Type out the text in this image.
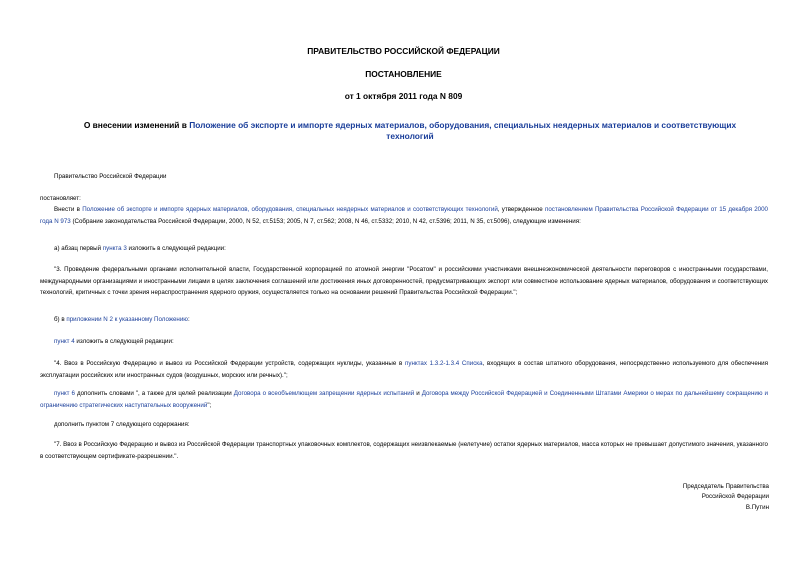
ПРАВИТЕЛЬСТВО РОССИЙСКОЙ ФЕДЕРАЦИИ
ПОСТАНОВЛЕНИЕ
от 1 октября 2011 года N 809
О внесении изменений в Положение об экспорте и импорте ядерных материалов, оборудования, специальных неядерных материалов и соответствующих технологий
Правительство Российской Федерации
постановляет:
Внести в Положение об экспорте и импорте ядерных материалов, оборудования, специальных неядерных материалов и соответствующих технологий, утвержденное постановлением Правительства Российской Федерации от 15 декабря 2000 года N 973 (Собрание законодательства Российской Федерации, 2000, N 52, ст.5153; 2005, N 7, ст.562; 2008, N 46, ст.5332; 2010, N 42, ст.5396; 2011, N 35, ст.5096), следующие изменения:
а) абзац первый пункта 3 изложить в следующей редакции:
"3. Проведение федеральными органами исполнительной власти, Государственной корпорацией по атомной энергии "Росатом" и российскими участниками внешнеэкономической деятельности переговоров с иностранными государствами, международными организациями и иностранными лицами в целях заключения соглашений или достижения иных договоренностей, предусматривающих экспорт или совместное использование ядерных материалов, оборудования и соответствующих технологий, критичных с точки зрения нераспространения ядерного оружия, осуществляется только на основании решений Правительства Российской Федерации.";
б) в приложении N 2 к указанному Положению:
пункт 4 изложить в следующей редакции:
"4. Ввоз в Российскую Федерацию и вывоз из Российской Федерации устройств, содержащих нуклиды, указанные в пунктах 1.3.2-1.3.4 Списка, входящих в состав штатного оборудования, непосредственно используемого для обеспечения эксплуатации российских или иностранных судов (воздушных, морских или речных).";
пункт 6 дополнить словами ", а также для целей реализации Договора о всеобъемлющем запрещении ядерных испытаний и Договора между Российской Федерацией и Соединенными Штатами Америки о мерах по дальнейшему сокращению и ограничению стратегических наступательных вооружений";
дополнить пунктом 7 следующего содержания:
"7. Ввоз в Российскую Федерацию и вывоз из Российской Федерации транспортных упаковочных комплектов, содержащих неизвлекаемые (нелетучие) остатки ядерных материалов, масса которых не превышает допустимого значения, указанного в соответствующем сертификате-разрешении.".
Председатель Правительства
Российской Федерации
В.Путин
